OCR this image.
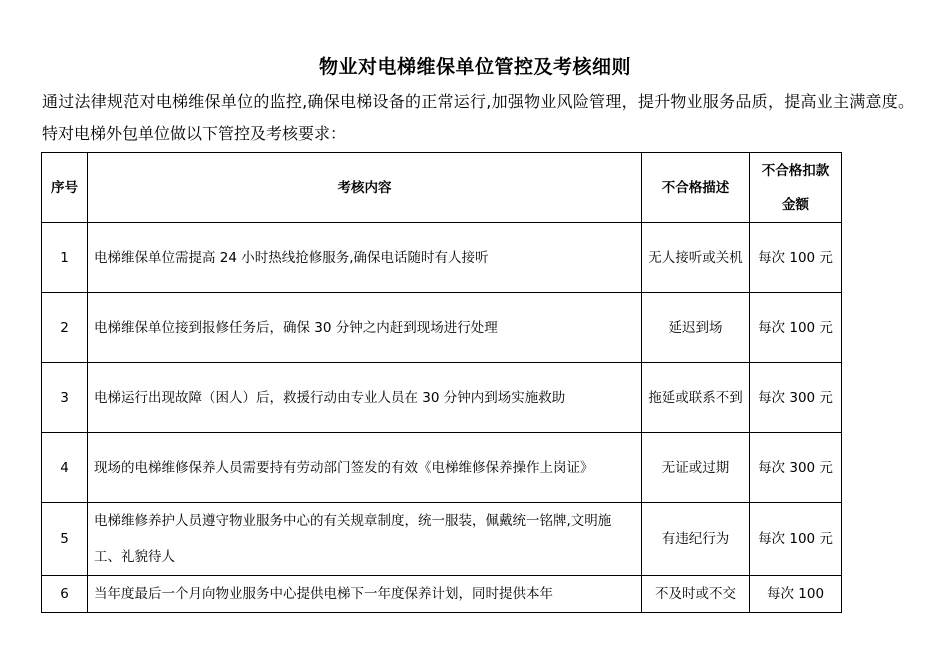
物业对电梯维保单位管控及考核细则
通过法律规范对电梯维保单位的监控,确保电梯设备的正常运行,加强物业风险管理，提升物业服务品质，提高业主满意度。特对电梯外包单位做以下管控及考核要求：
序号	考核内容	不合格描述	不合格扣款金额
1	电梯维保单位需提高 24 小时热线抢修服务,确保电话随时有人接听	无人接听或关机	每次 100 元
2	电梯维保单位接到报修任务后，确保 30 分钟之内赶到现场进行处理	延迟到场	每次 100 元
3	电梯运行出现故障（困人）后，救援行动由专业人员在 30 分钟内到场实施救助	拖延或联系不到	每次 300 元
4	现场的电梯维修保养人员需要持有劳动部门签发的有效《电梯维修保养操作上岗证》	无证或过期	每次 300 元
5	电梯维修养护人员遵守物业服务中心的有关规章制度，统一服装，佩戴统一铭牌,文明施工、礼貌待人	有违纪行为	每次 100 元
6	当年度最后一个月向物业服务中心提供电梯下一年度保养计划，同时提供本年	不及时或不交	每次 100
